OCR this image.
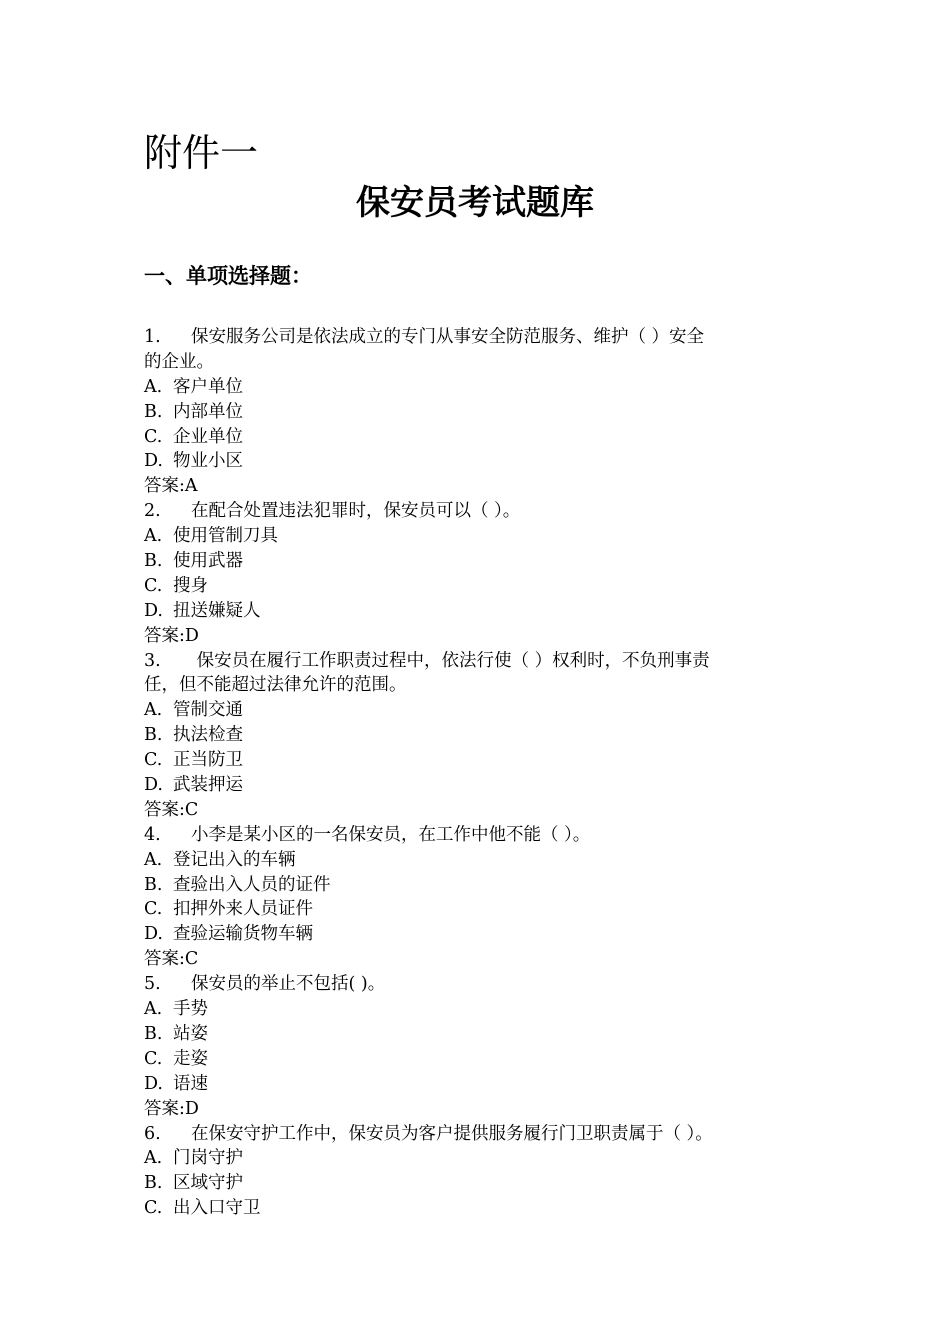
附件一
保安员考试题库
一、单项选择题：
1. 保安服务公司是依法成立的专门从事安全防范服务、维护（ ）安全
的企业。
A. 客户单位
B. 内部单位
C. 企业单位
D. 物业小区
答案:A
2. 在配合处置违法犯罪时，保安员可以（ ）。
A. 使用管制刀具
B. 使用武器
C. 搜身
D. 扭送嫌疑人
答案:D
3. 保安员在履行工作职责过程中，依法行使（ ）权利时，不负刑事责
任，但不能超过法律允许的范围。
A. 管制交通
B. 执法检查
C. 正当防卫
D. 武装押运
答案:C
4. 小李是某小区的一名保安员，在工作中他不能（ ）。
A. 登记出入的车辆
B. 查验出入人员的证件
C. 扣押外来人员证件
D. 查验运输货物车辆
答案:C
5. 保安员的举止不包括( )。
A. 手势
B. 站姿
C. 走姿
D. 语速
答案:D
6. 在保安守护工作中，保安员为客户提供服务履行门卫职责属于（ ）。
A. 门岗守护
B. 区域守护
C. 出入口守卫
